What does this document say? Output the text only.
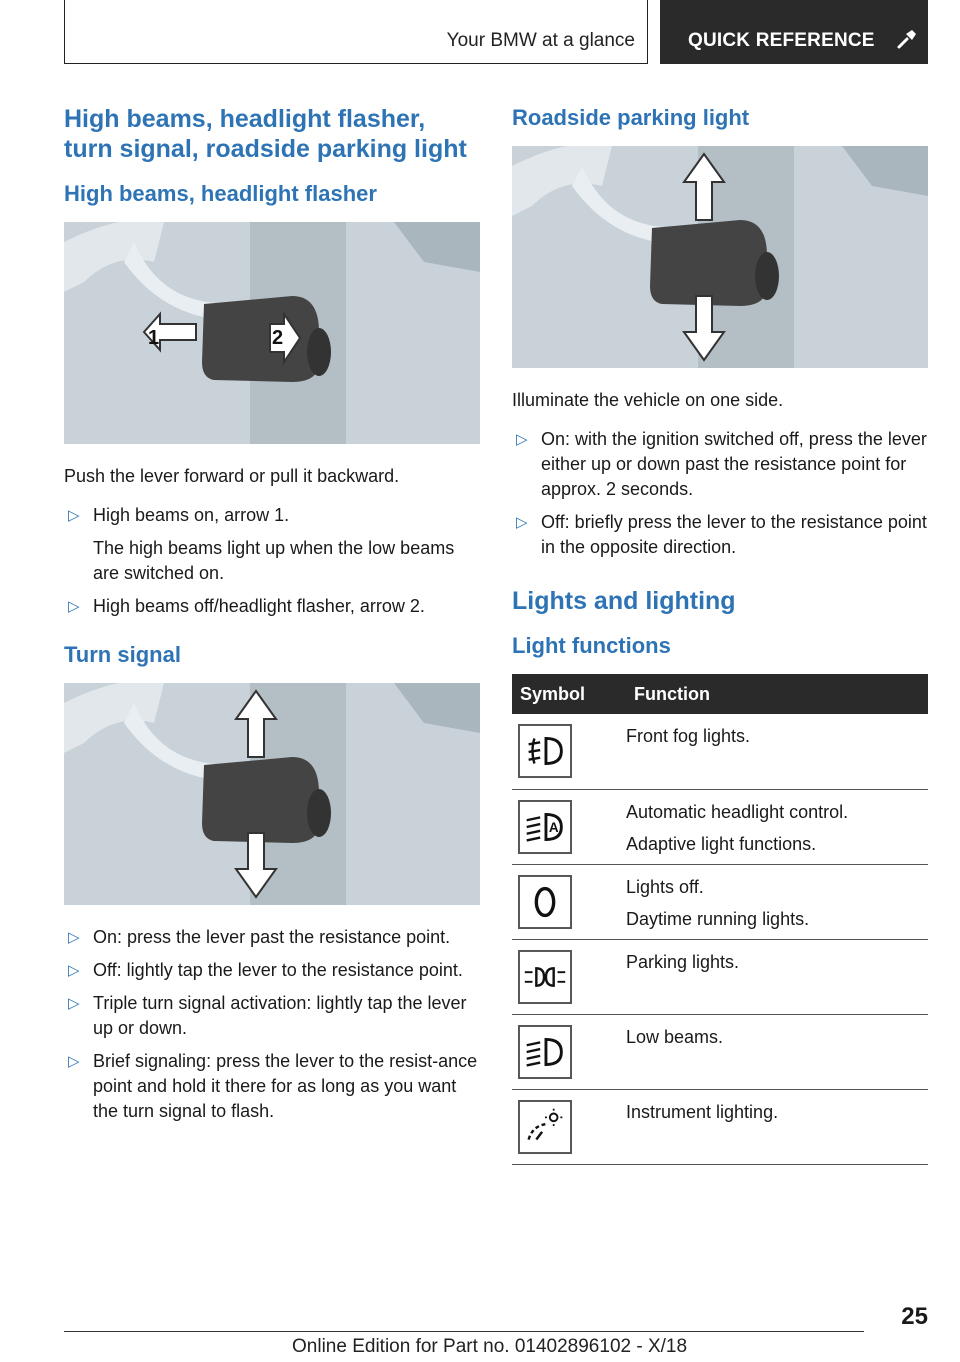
Your BMW at a glance	QUICK REFERENCE
High beams, headlight flasher, turn signal, roadside parking light
High beams, headlight flasher
1	2

Push the lever forward or pull it backward.

▷ High beams on, arrow 1.
The high beams light up when the low beams are switched on.
▷ High beams off/headlight flasher, arrow 2.
Turn signal
▷ On: press the lever past the resistance point.
▷ Off: lightly tap the lever to the resistance point.
▷ Triple turn signal activation: lightly tap the lever up or down.
▷ Brief signaling: press the lever to the resist-ance point and hold it there for as long as you want the turn signal to flash.
Roadside parking light

Illuminate the vehicle on one side.

▷ On: with the ignition switched off, press the lever either up or down past the resistance point for approx. 2 seconds.
▷ Off: briefly press the lever to the resistance point in the opposite direction.
Lights and lighting
Light functions
Symbol	Function

Front fog lights.

A	Automatic headlight control.
Adaptive light functions.

Lights off.
Daytime running lights.

Parking lights.

Low beams.

Instrument lighting.
25
Online Edition for Part no. 01402896102 - X/18
